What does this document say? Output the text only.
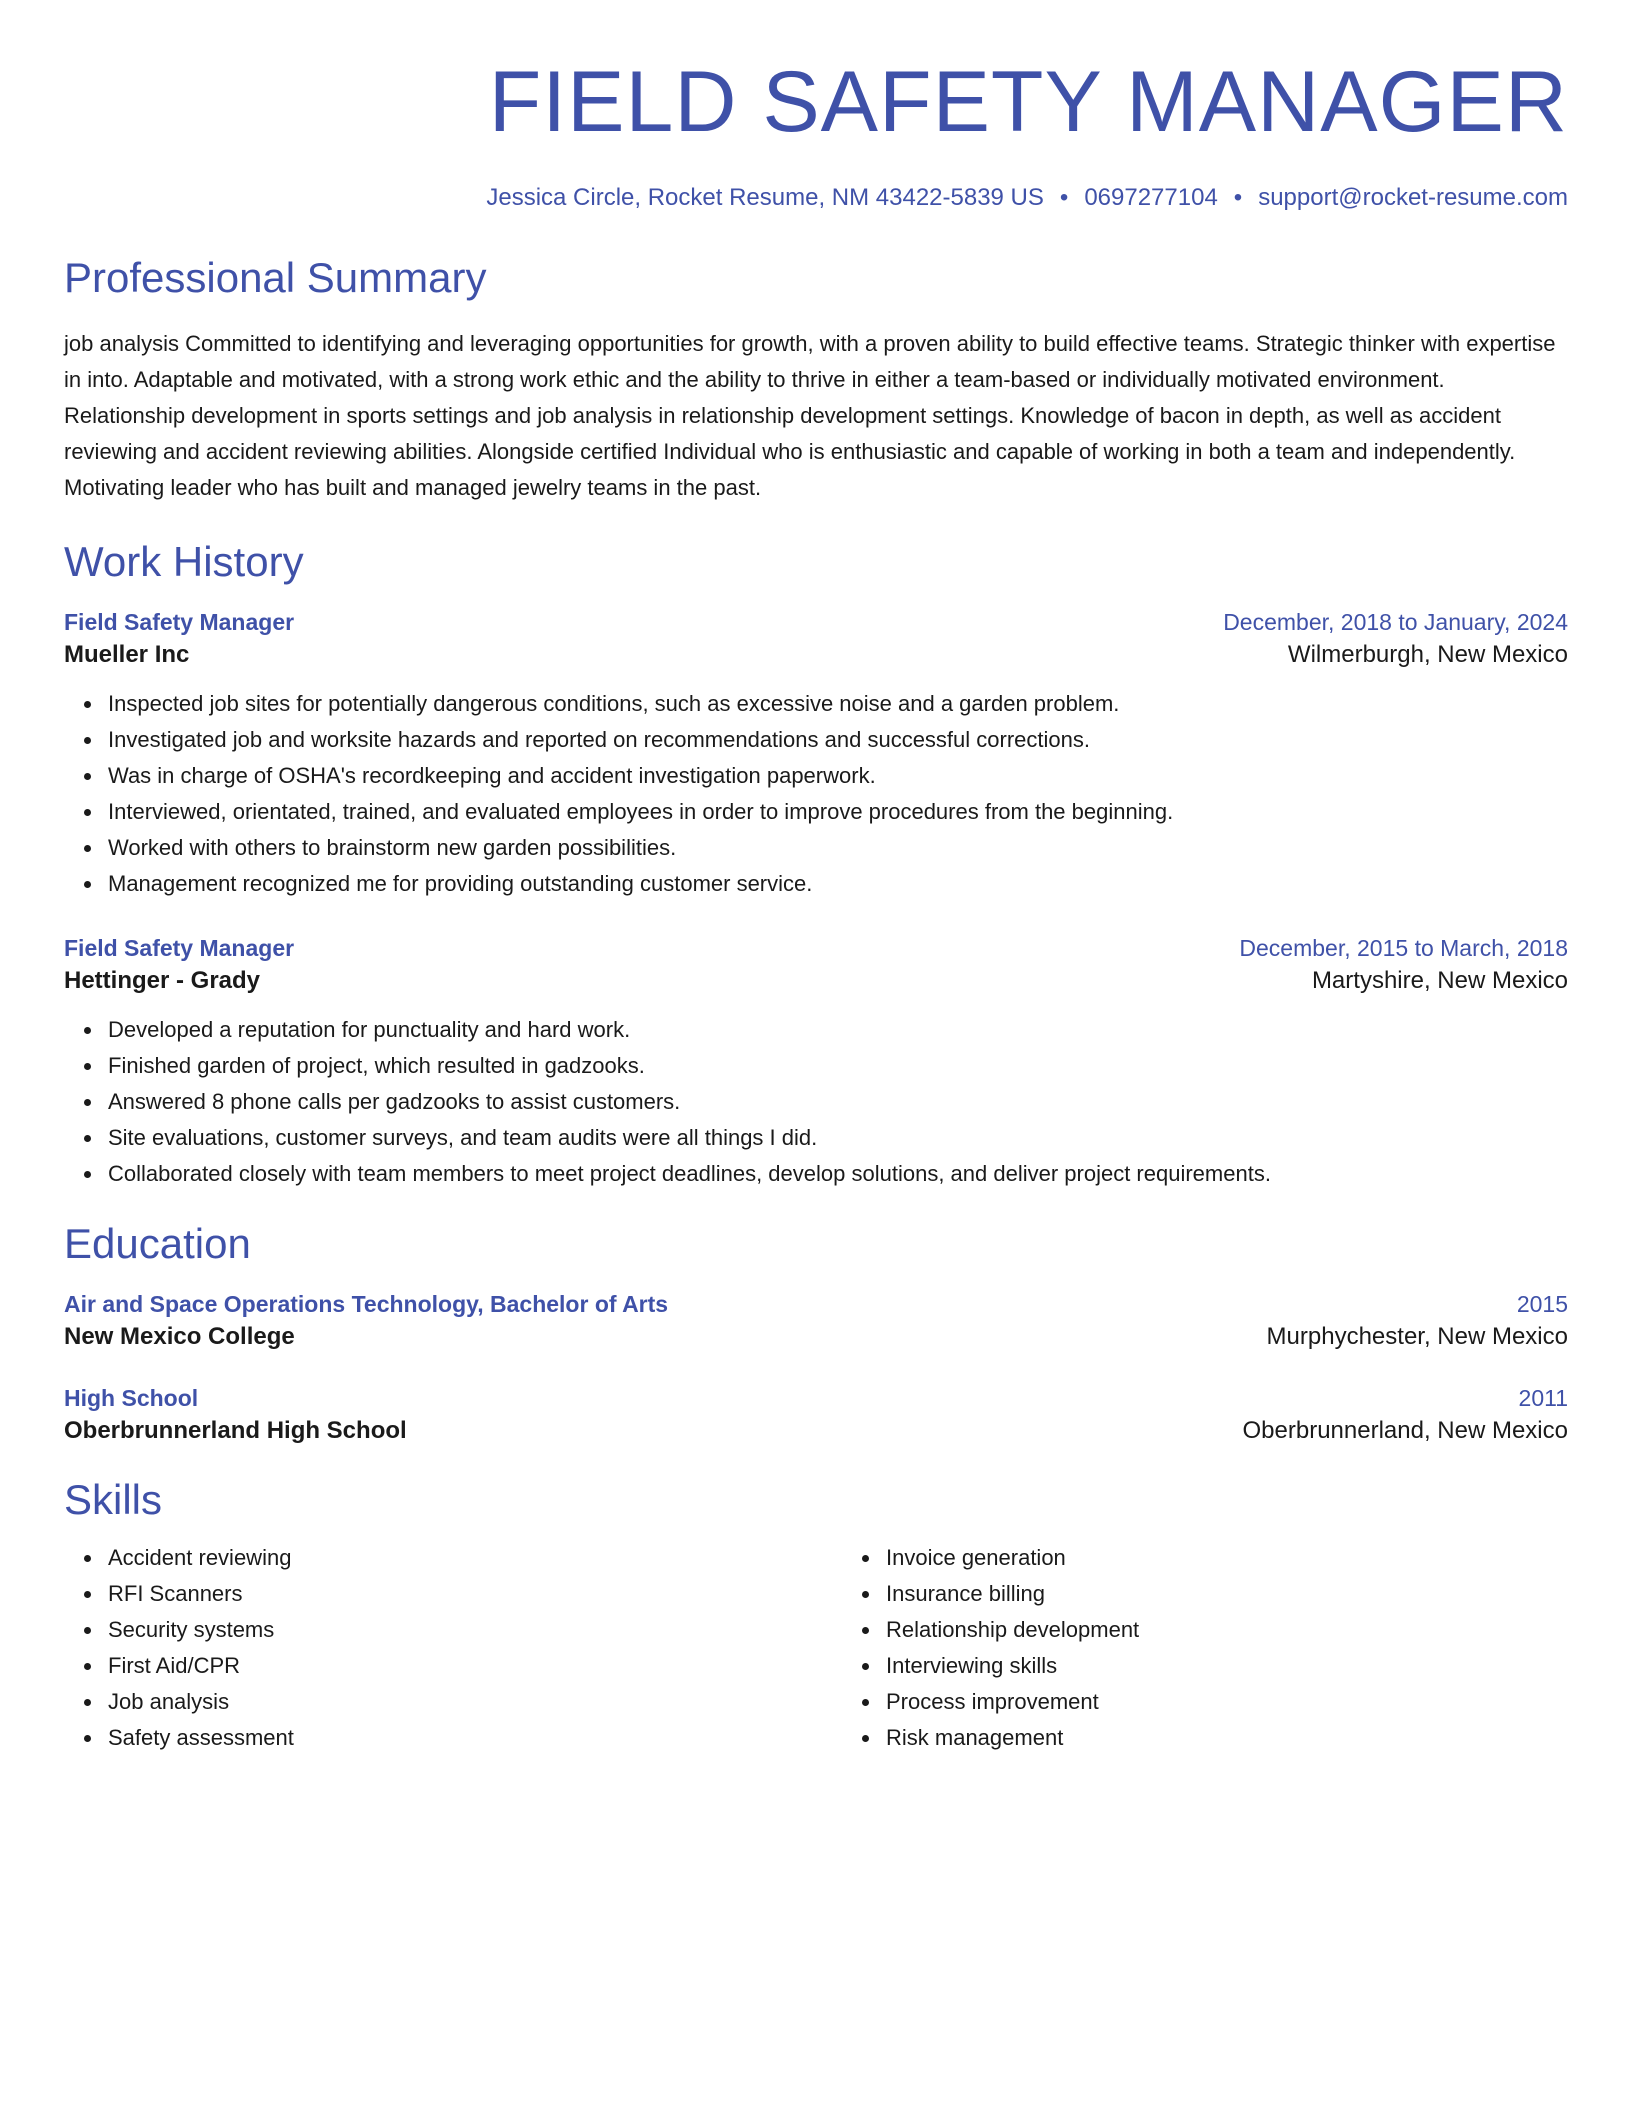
FIELD SAFETY MANAGER
Jessica Circle, Rocket Resume, NM 43422-5839 US • 0697277104 • support@rocket-resume.com
Professional Summary

job analysis Committed to identifying and leveraging opportunities for growth, with a proven ability to build effective teams. Strategic thinker with expertise in into. Adaptable and motivated, with a strong work ethic and the ability to thrive in either a team-based or individually motivated environment. Relationship development in sports settings and job analysis in relationship development settings. Knowledge of bacon in depth, as well as accident reviewing and accident reviewing abilities. Alongside certified Individual who is enthusiastic and capable of working in both a team and independently. Motivating leader who has built and managed jewelry teams in the past.

Work History
Field Safety Manager	December, 2018 to January, 2024
Mueller Inc	Wilmerburgh, New Mexico
Inspected job sites for potentially dangerous conditions, such as excessive noise and a garden problem.
Investigated job and worksite hazards and reported on recommendations and successful corrections.
Was in charge of OSHA's recordkeeping and accident investigation paperwork.
Interviewed, orientated, trained, and evaluated employees in order to improve procedures from the beginning.
Worked with others to brainstorm new garden possibilities.
Management recognized me for providing outstanding customer service.
Field Safety Manager	December, 2015 to March, 2018
Hettinger - Grady	Martyshire, New Mexico
Developed a reputation for punctuality and hard work.
Finished garden of project, which resulted in gadzooks.
Answered 8 phone calls per gadzooks to assist customers.
Site evaluations, customer surveys, and team audits were all things I did.
Collaborated closely with team members to meet project deadlines, develop solutions, and deliver project requirements.
Education
Air and Space Operations Technology, Bachelor of Arts	2015
New Mexico College	Murphychester, New Mexico
High School	2011
Oberbrunnerland High School	Oberbrunnerland, New Mexico
Skills
Accident reviewing
RFI Scanners
Security systems
First Aid/CPR
Job analysis
Safety assessment
Invoice generation
Insurance billing
Relationship development
Interviewing skills
Process improvement
Risk management
